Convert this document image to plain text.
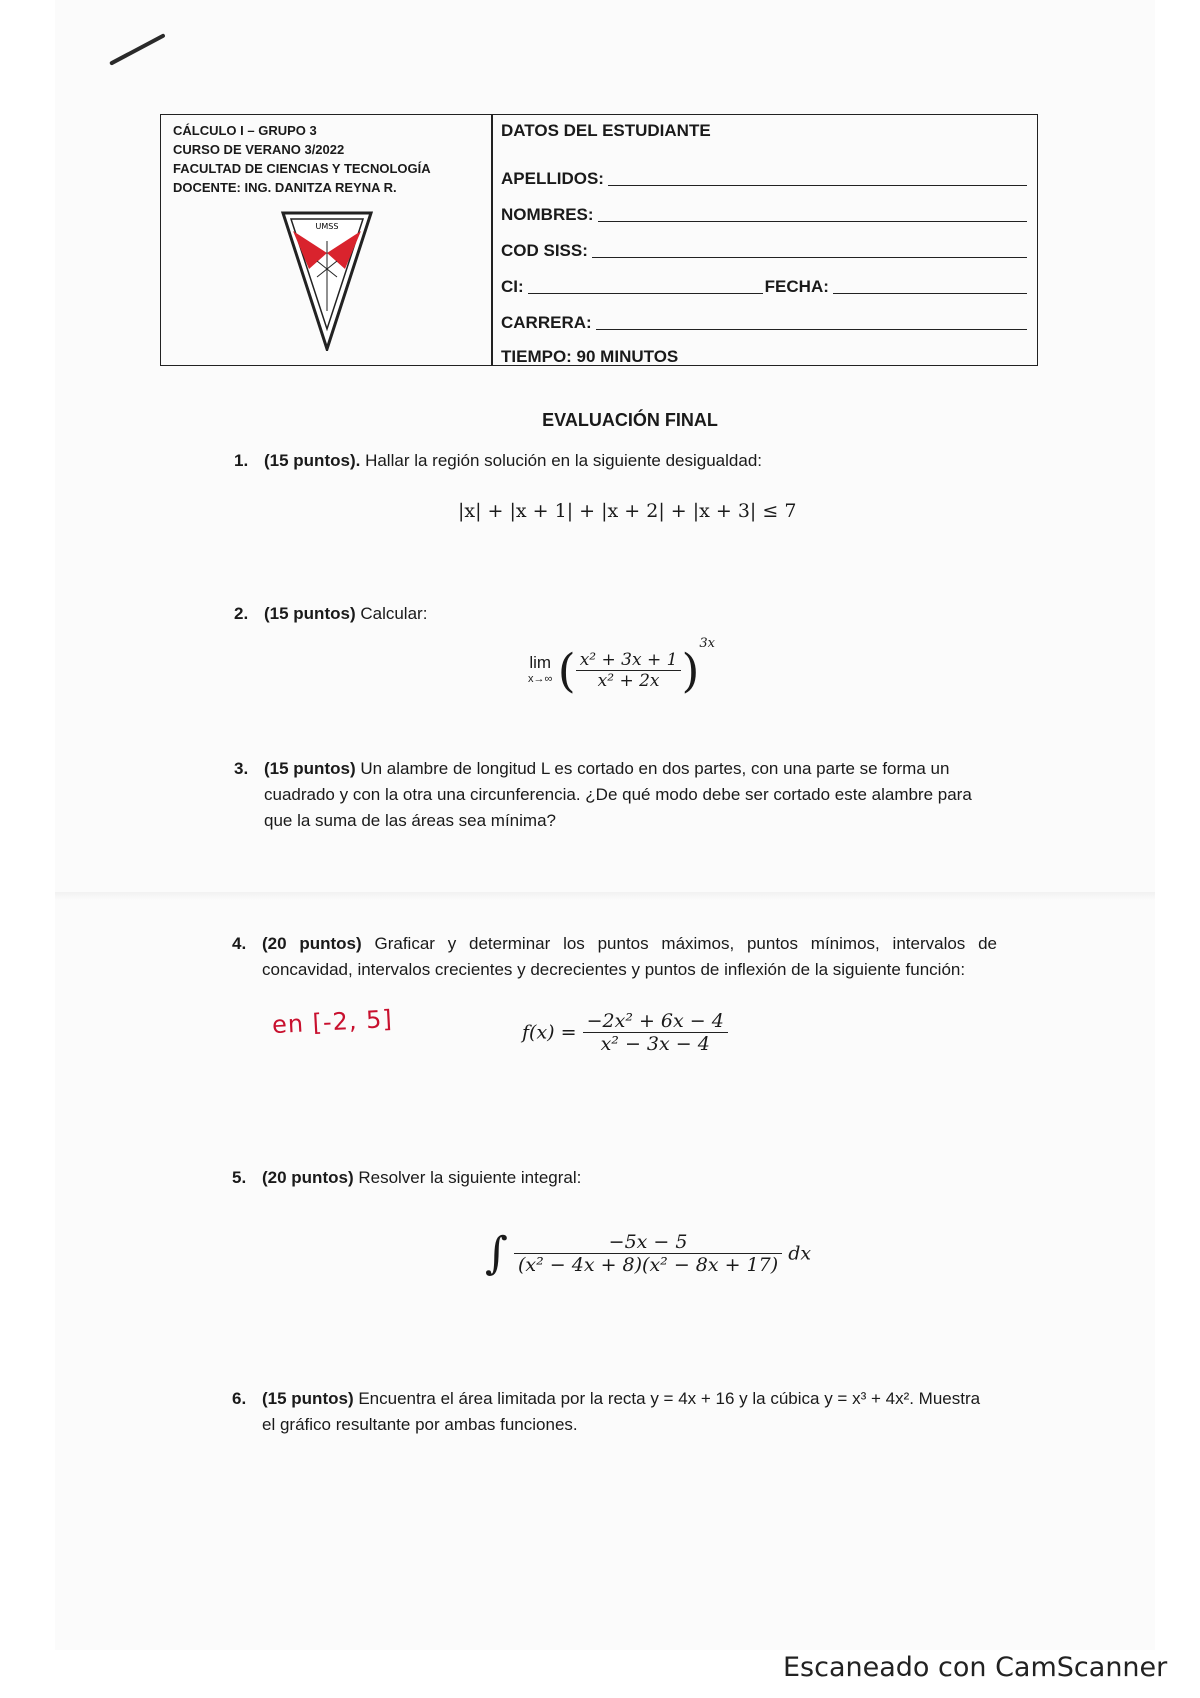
CÁLCULO I – GRUPO 3
CURSO DE VERANO 3/2022
FACULTAD DE CIENCIAS Y TECNOLOGÍA
DOCENTE: ING. DANITZA REYNA R.
UMSS
DATOS DEL ESTUDIANTE
APELLIDOS:
NOMBRES:
COD SISS:
CI:	FECHA:
CARRERA:
TIEMPO: 90 MINUTOS
EVALUACIÓN FINAL
1. (15 puntos). Hallar la región solución en la siguiente desigualdad:
|x| + |x + 1| + |x + 2| + |x + 3| ≤ 7
2. (15 puntos) Calcular:
lim
x→∞ ( $\frac{\text{x² + 3x + 1}}{\text{x² + 2x}} )^{3x}$
3. (15 puntos) Un alambre de longitud L es cortado en dos partes, con una parte se forma un cuadrado y con la otra una circunferencia. ¿De qué modo debe ser cortado este alambre para que la suma de las áreas sea mínima?
4. (20 puntos) Graficar y determinar los puntos máximos, puntos mínimos, intervalos de concavidad, intervalos crecientes y decrecientes y puntos de inflexión de la siguiente función:
en [-2, 5]	$f(x) = \frac{\text{−2x² + 6x − 4}}{\text{x² − 3x − 4}}$
5. (20 puntos) Resolver la siguiente integral:
∫ $\frac{-5x - 5}{\text{(x² − 4x + 8)(x² − 8x + 17)}}$ dx
6. (15 puntos) Encuentra el área limitada por la recta y = 4x + 16 y la cúbica y = x³ + 4x². Muestra el gráfico resultante por ambas funciones.
Escaneado con CamScanner
